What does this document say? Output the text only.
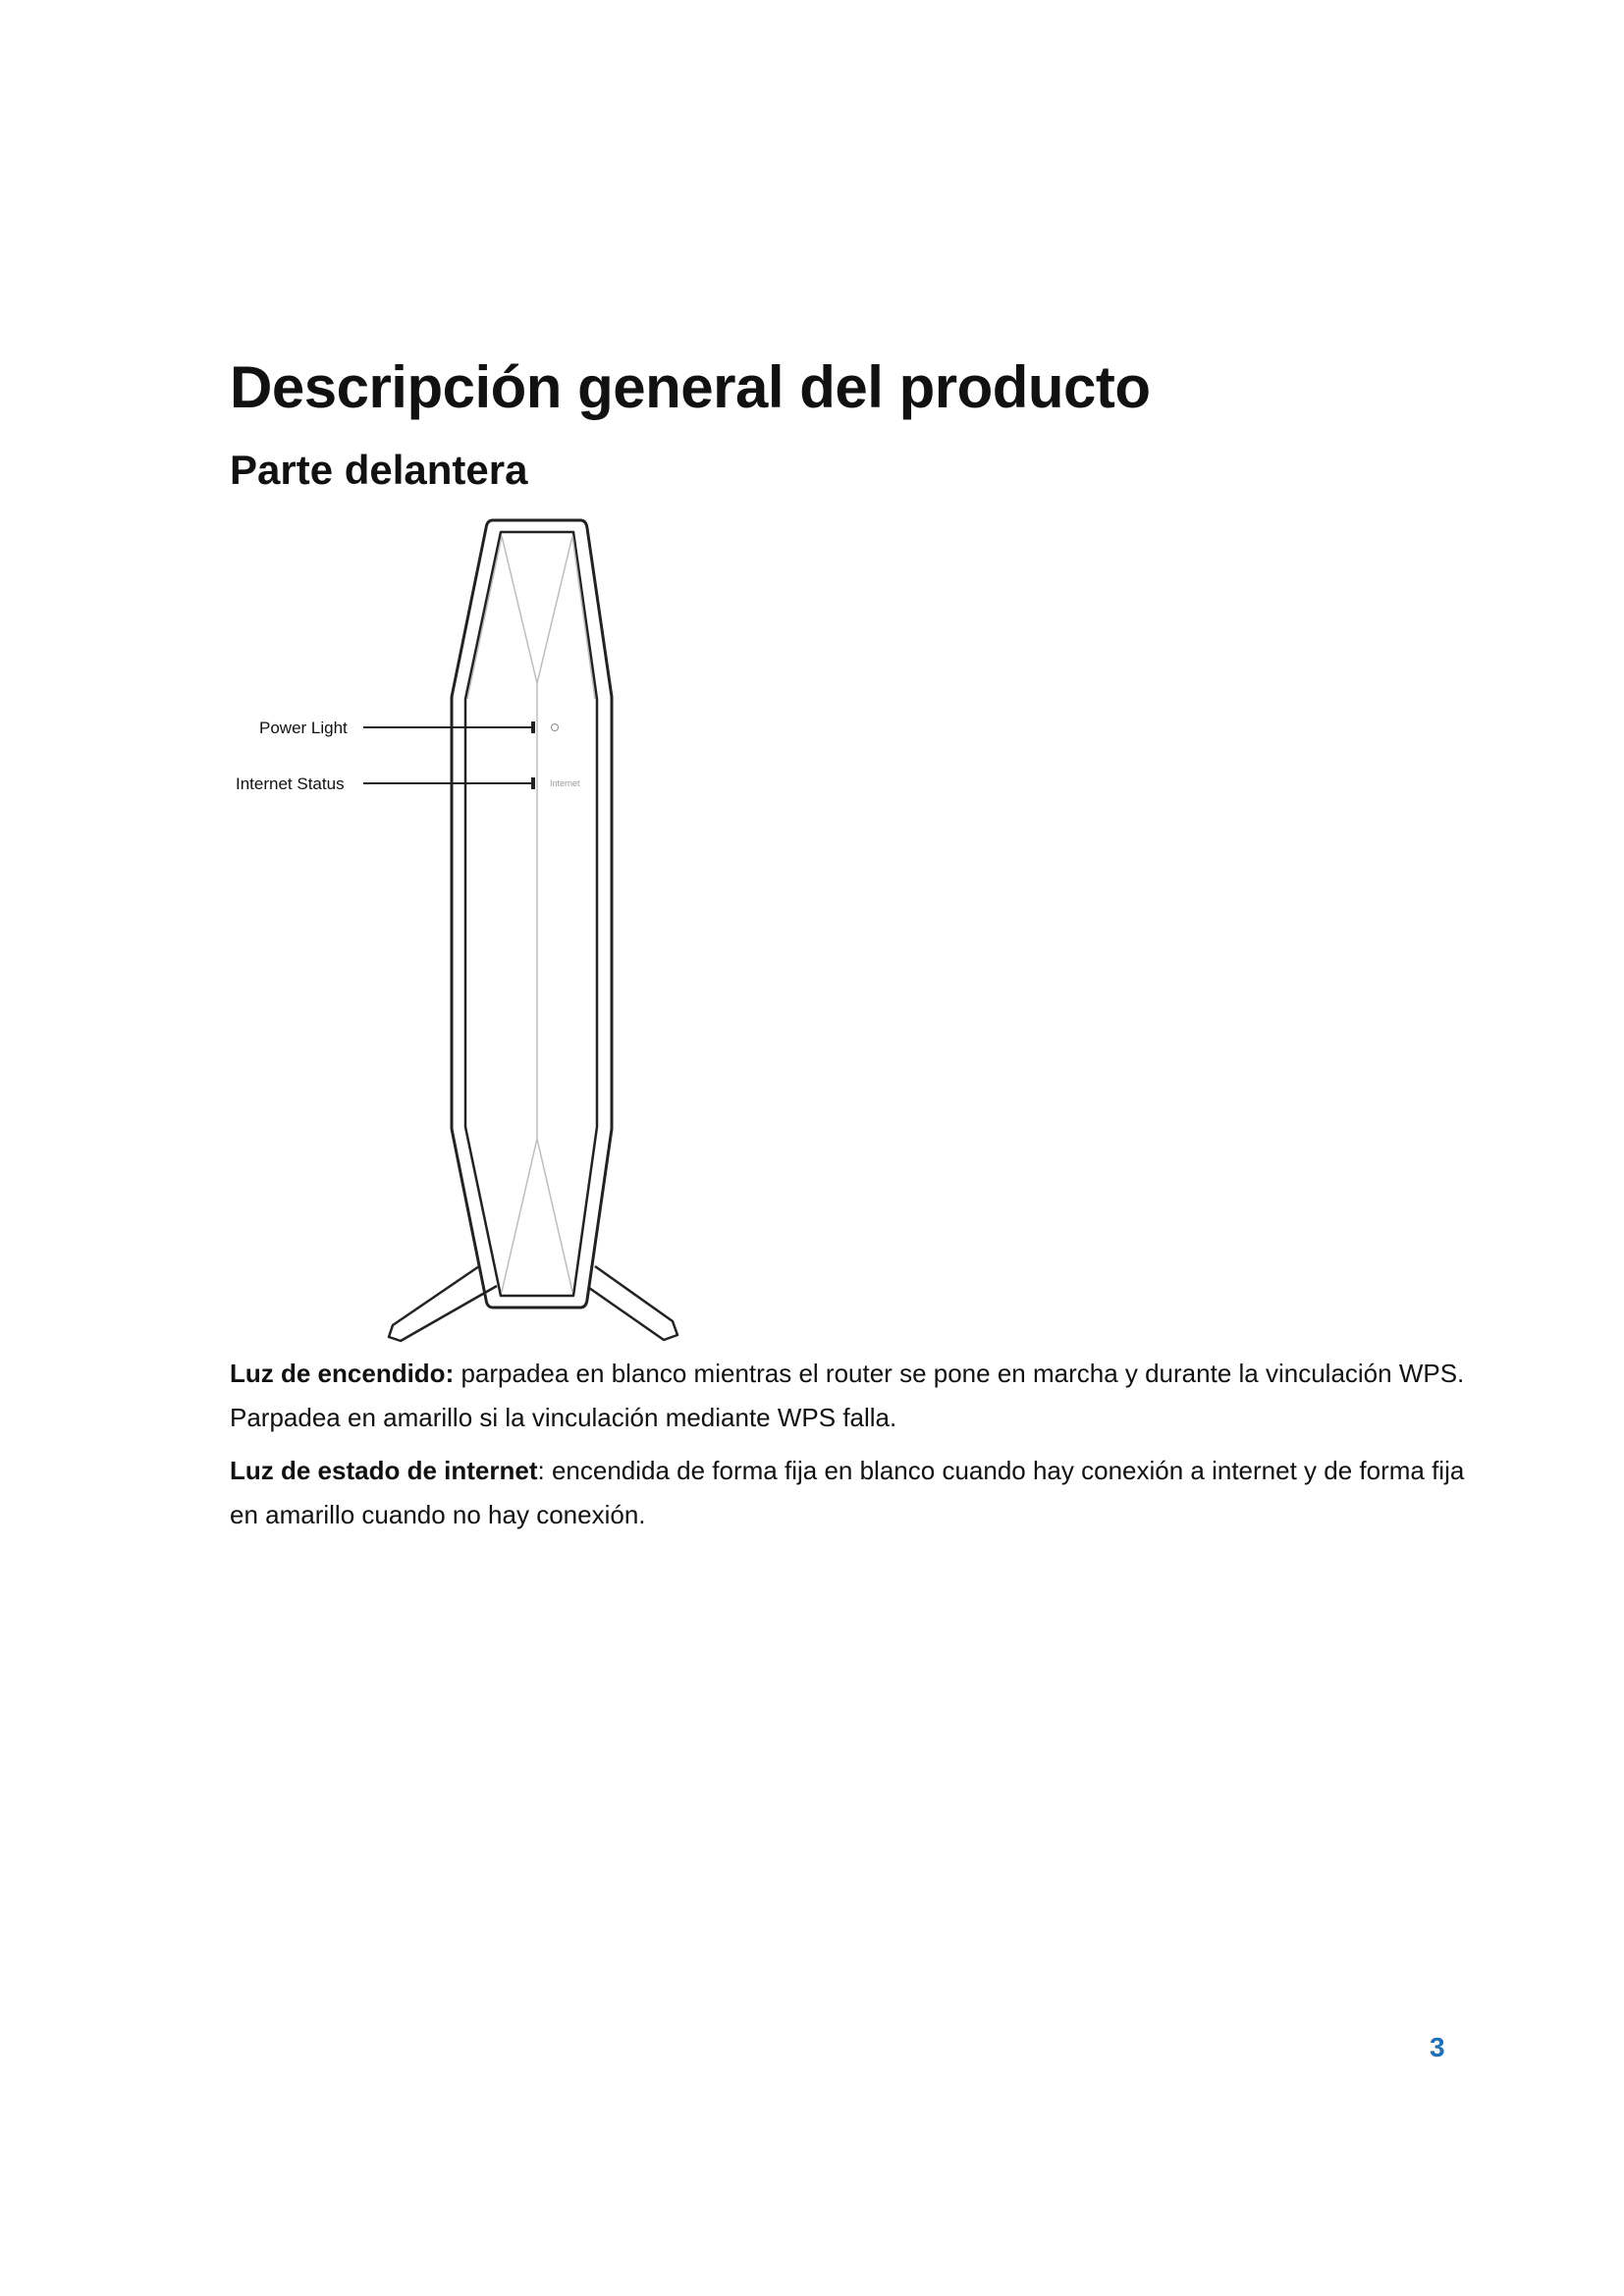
Descripción general del producto
Parte delantera
Power Light
Internet Status	Internet

Luz de encendido: parpadea en blanco mientras el router se pone en marcha y durante la vinculación WPS. Parpadea en amarillo si la vinculación mediante WPS falla.

Luz de estado de internet: encendida de forma fija en blanco cuando hay conexión a internet y de forma fija en amarillo cuando no hay conexión.

3
